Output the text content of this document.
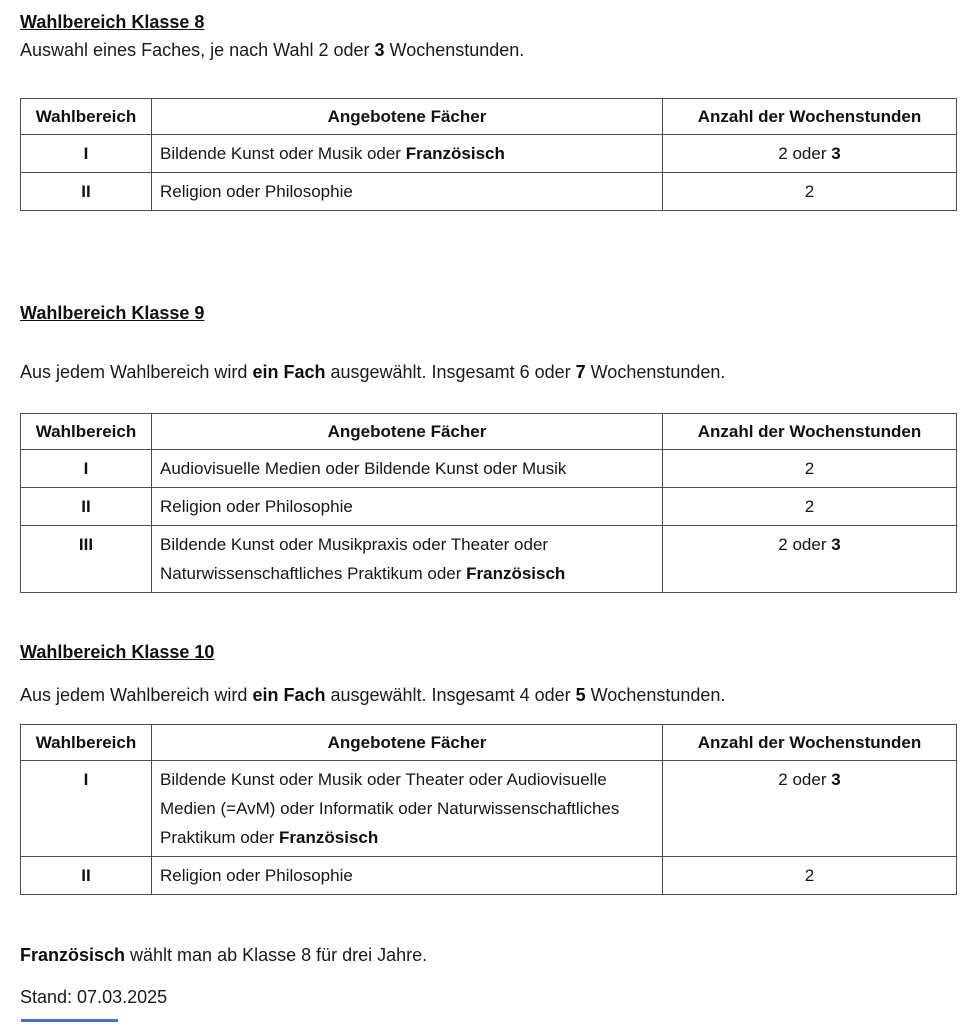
Wahlbereich Klasse 8

Auswahl eines Faches, je nach Wahl 2 oder 3 Wochenstunden.

Wahlbereich	Angebotene Fächer	Anzahl der Wochenstunden
I	Bildende Kunst oder Musik oder Französisch	2 oder 3
II	Religion oder Philosophie	2
Wahlbereich Klasse 9

Aus jedem Wahlbereich wird ein Fach ausgewählt. Insgesamt 6 oder 7 Wochenstunden.

Wahlbereich	Angebotene Fächer	Anzahl der Wochenstunden
I	Audiovisuelle Medien oder Bildende Kunst oder Musik	2
II	Religion oder Philosophie	2
III	Bildende Kunst oder Musikpraxis oder Theater oder Naturwissenschaftliches Praktikum oder Französisch	2 oder 3
Wahlbereich Klasse 10

Aus jedem Wahlbereich wird ein Fach ausgewählt. Insgesamt 4 oder 5 Wochenstunden.

Wahlbereich	Angebotene Fächer	Anzahl der Wochenstunden
I	Bildende Kunst oder Musik oder Theater oder Audiovisuelle Medien (=AvM) oder Informatik oder Naturwissenschaftliches Praktikum oder Französisch	2 oder 3
II	Religion oder Philosophie	2

Französisch wählt man ab Klasse 8 für drei Jahre.

Stand: 07.03.2025
